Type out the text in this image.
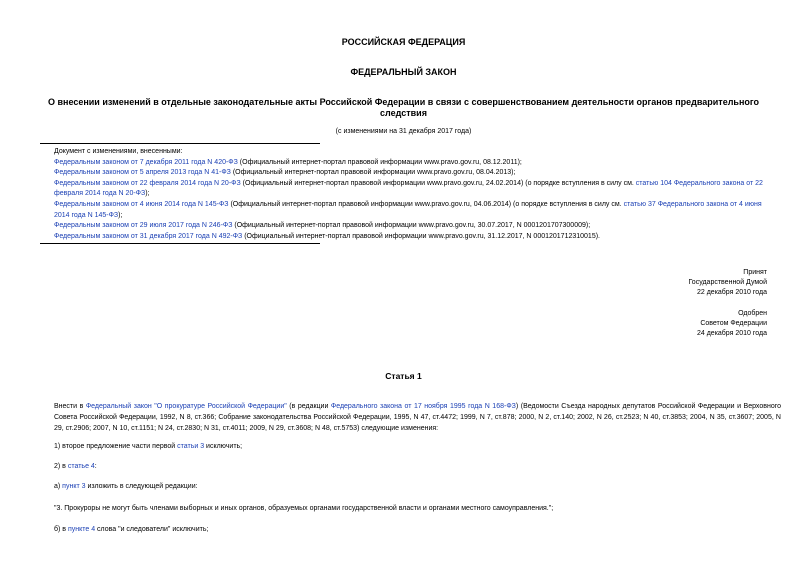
РОССИЙСКАЯ ФЕДЕРАЦИЯ
ФЕДЕРАЛЬНЫЙ ЗАКОН
О внесении изменений в отдельные законодательные акты Российской Федерации в связи с совершенствованием деятельности органов предварительного следствия
(с изменениями на 31 декабря 2017 года)
Документ с изменениями, внесенными:
Федеральным законом от 7 декабря 2011 года N 420-ФЗ (Официальный интернет-портал правовой информации www.pravo.gov.ru, 08.12.2011);
Федеральным законом от 5 апреля 2013 года N 41-ФЗ (Официальный интернет-портал правовой информации www.pravo.gov.ru, 08.04.2013);
Федеральным законом от 22 февраля 2014 года N 20-ФЗ (Официальный интернет-портал правовой информации www.pravo.gov.ru, 24.02.2014) (о порядке вступления в силу см. статью 104 Федерального закона от 22 февраля 2014 года N 20-ФЗ);
Федеральным законом от 4 июня 2014 года N 145-ФЗ (Официальный интернет-портал правовой информации www.pravo.gov.ru, 04.06.2014) (о порядке вступления в силу см. статью 37 Федерального закона от 4 июня 2014 года N 145-ФЗ);
Федеральным законом от 29 июля 2017 года N 246-ФЗ (Официальный интернет-портал правовой информации www.pravo.gov.ru, 30.07.2017, N 0001201707300009);
Федеральным законом от 31 декабря 2017 года N 492-ФЗ (Официальный интернет-портал правовой информации www.pravo.gov.ru, 31.12.2017, N 0001201712310015).
Принят
Государственной Думой
22 декабря 2010 года
Одобрен
Советом Федерации
24 декабря 2010 года
Статья 1
Внести в Федеральный закон "О прокуратуре Российской Федерации" (в редакции Федерального закона от 17 ноября 1995 года N 168-ФЗ) (Ведомости Съезда народных депутатов Российской Федерации и Верховного Совета Российской Федерации, 1992, N 8, ст.366; Собрание законодательства Российской Федерации, 1995, N 47, ст.4472; 1999, N 7, ст.878; 2000, N 2, ст.140; 2002, N 26, ст.2523; N 40, ст.3853; 2004, N 35, ст.3607; 2005, N 29, ст.2906; 2007, N 10, ст.1151; N 24, ст.2830; N 31, ст.4011; 2009, N 29, ст.3608; N 48, ст.5753) следующие изменения:
1) второе предложение части первой статьи 3 исключить;
2) в статье 4:
а) пункт 3 изложить в следующей редакции:
"3. Прокуроры не могут быть членами выборных и иных органов, образуемых органами государственной власти и органами местного самоуправления.";
б) в пункте 4 слова "и следователи" исключить;
